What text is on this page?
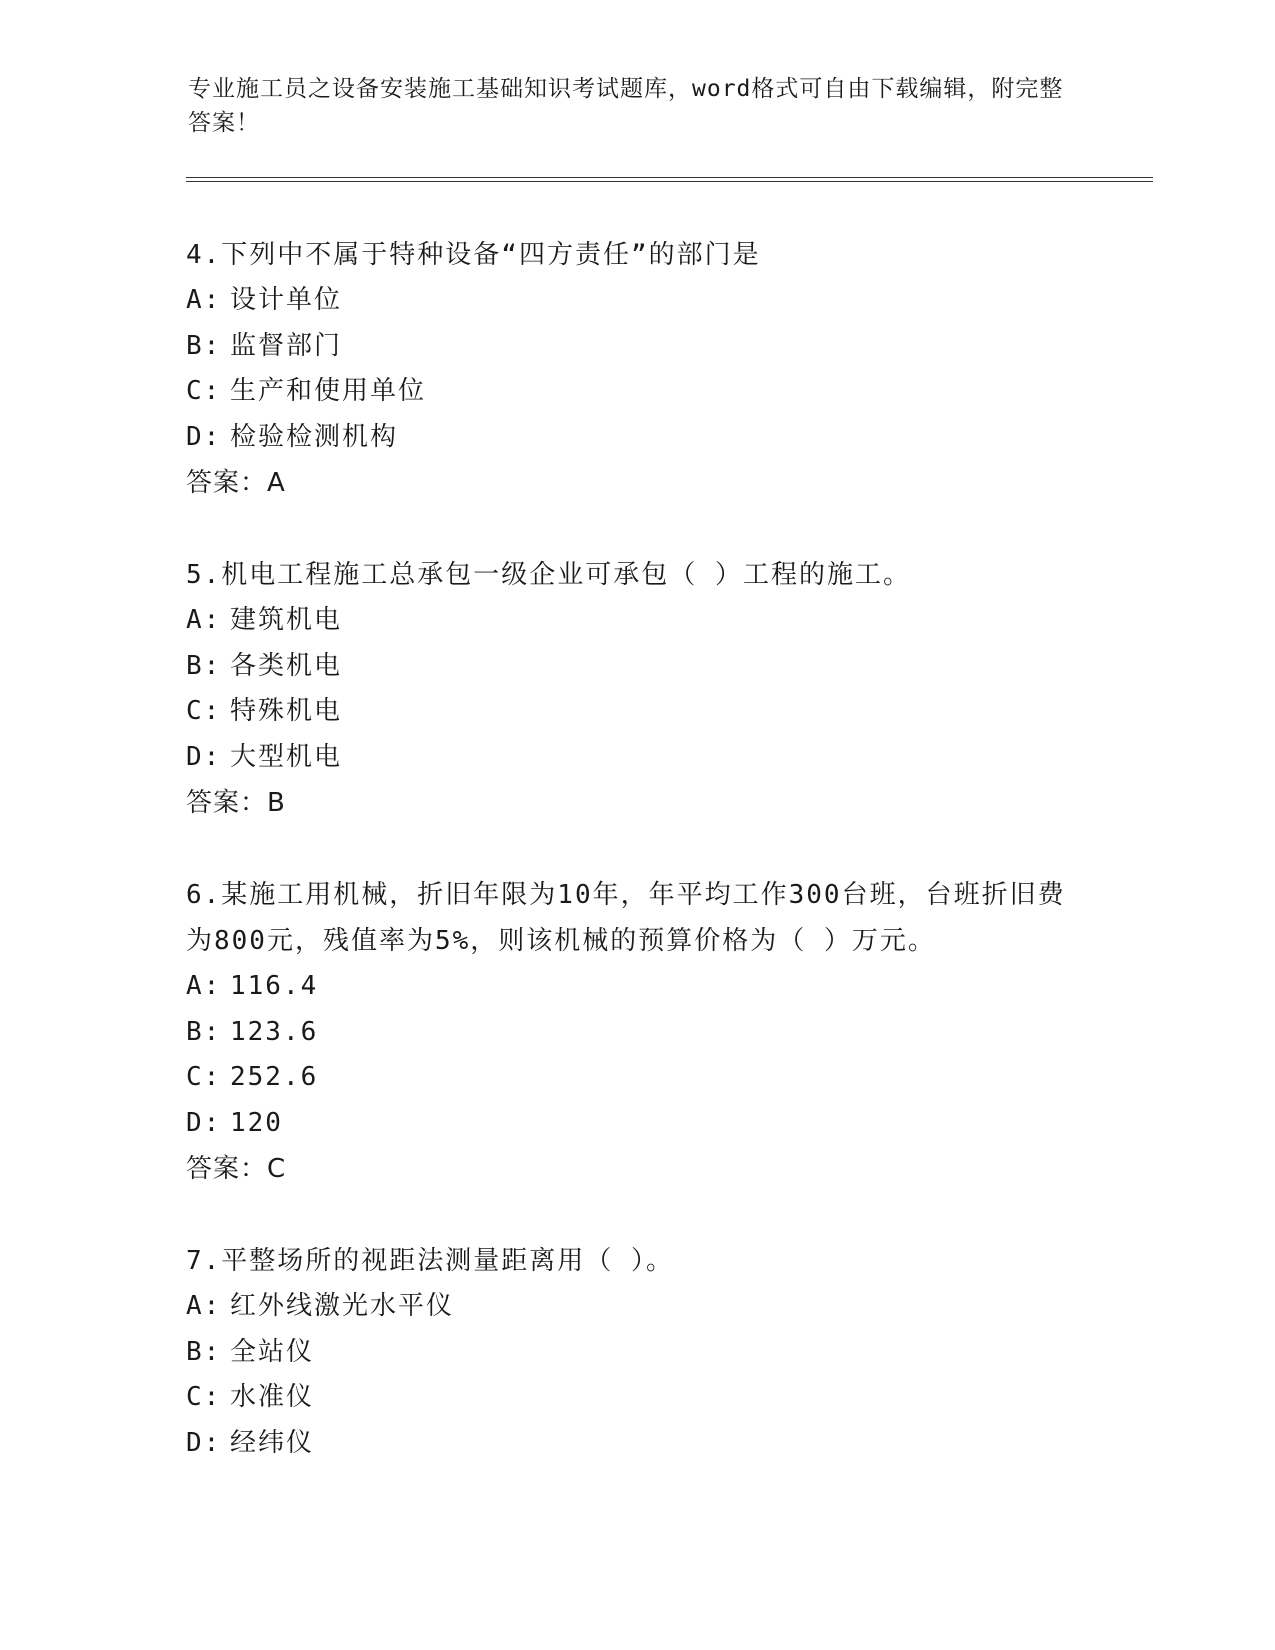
专业施工员之设备安装施工基础知识考试题库，word格式可自由下载编辑，附完整答案！
4.下列中不属于特种设备“四方责任”的部门是
A: 设计单位
B: 监督部门
C: 生产和使用单位
D: 检验检测机构
答案：A
5.机电工程施工总承包一级企业可承包（ ）工程的施工。
A: 建筑机电
B: 各类机电
C: 特殊机电
D: 大型机电
答案：B
6.某施工用机械，折旧年限为10年，年平均工作300台班，台班折旧费为800元，残值率为5%，则该机械的预算价格为（ ）万元。
A: 116.4
B: 123.6
C: 252.6
D: 120
答案：C
7.平整场所的视距法测量距离用（ ）。
A: 红外线激光水平仪
B: 全站仪
C: 水准仪
D: 经纬仪
